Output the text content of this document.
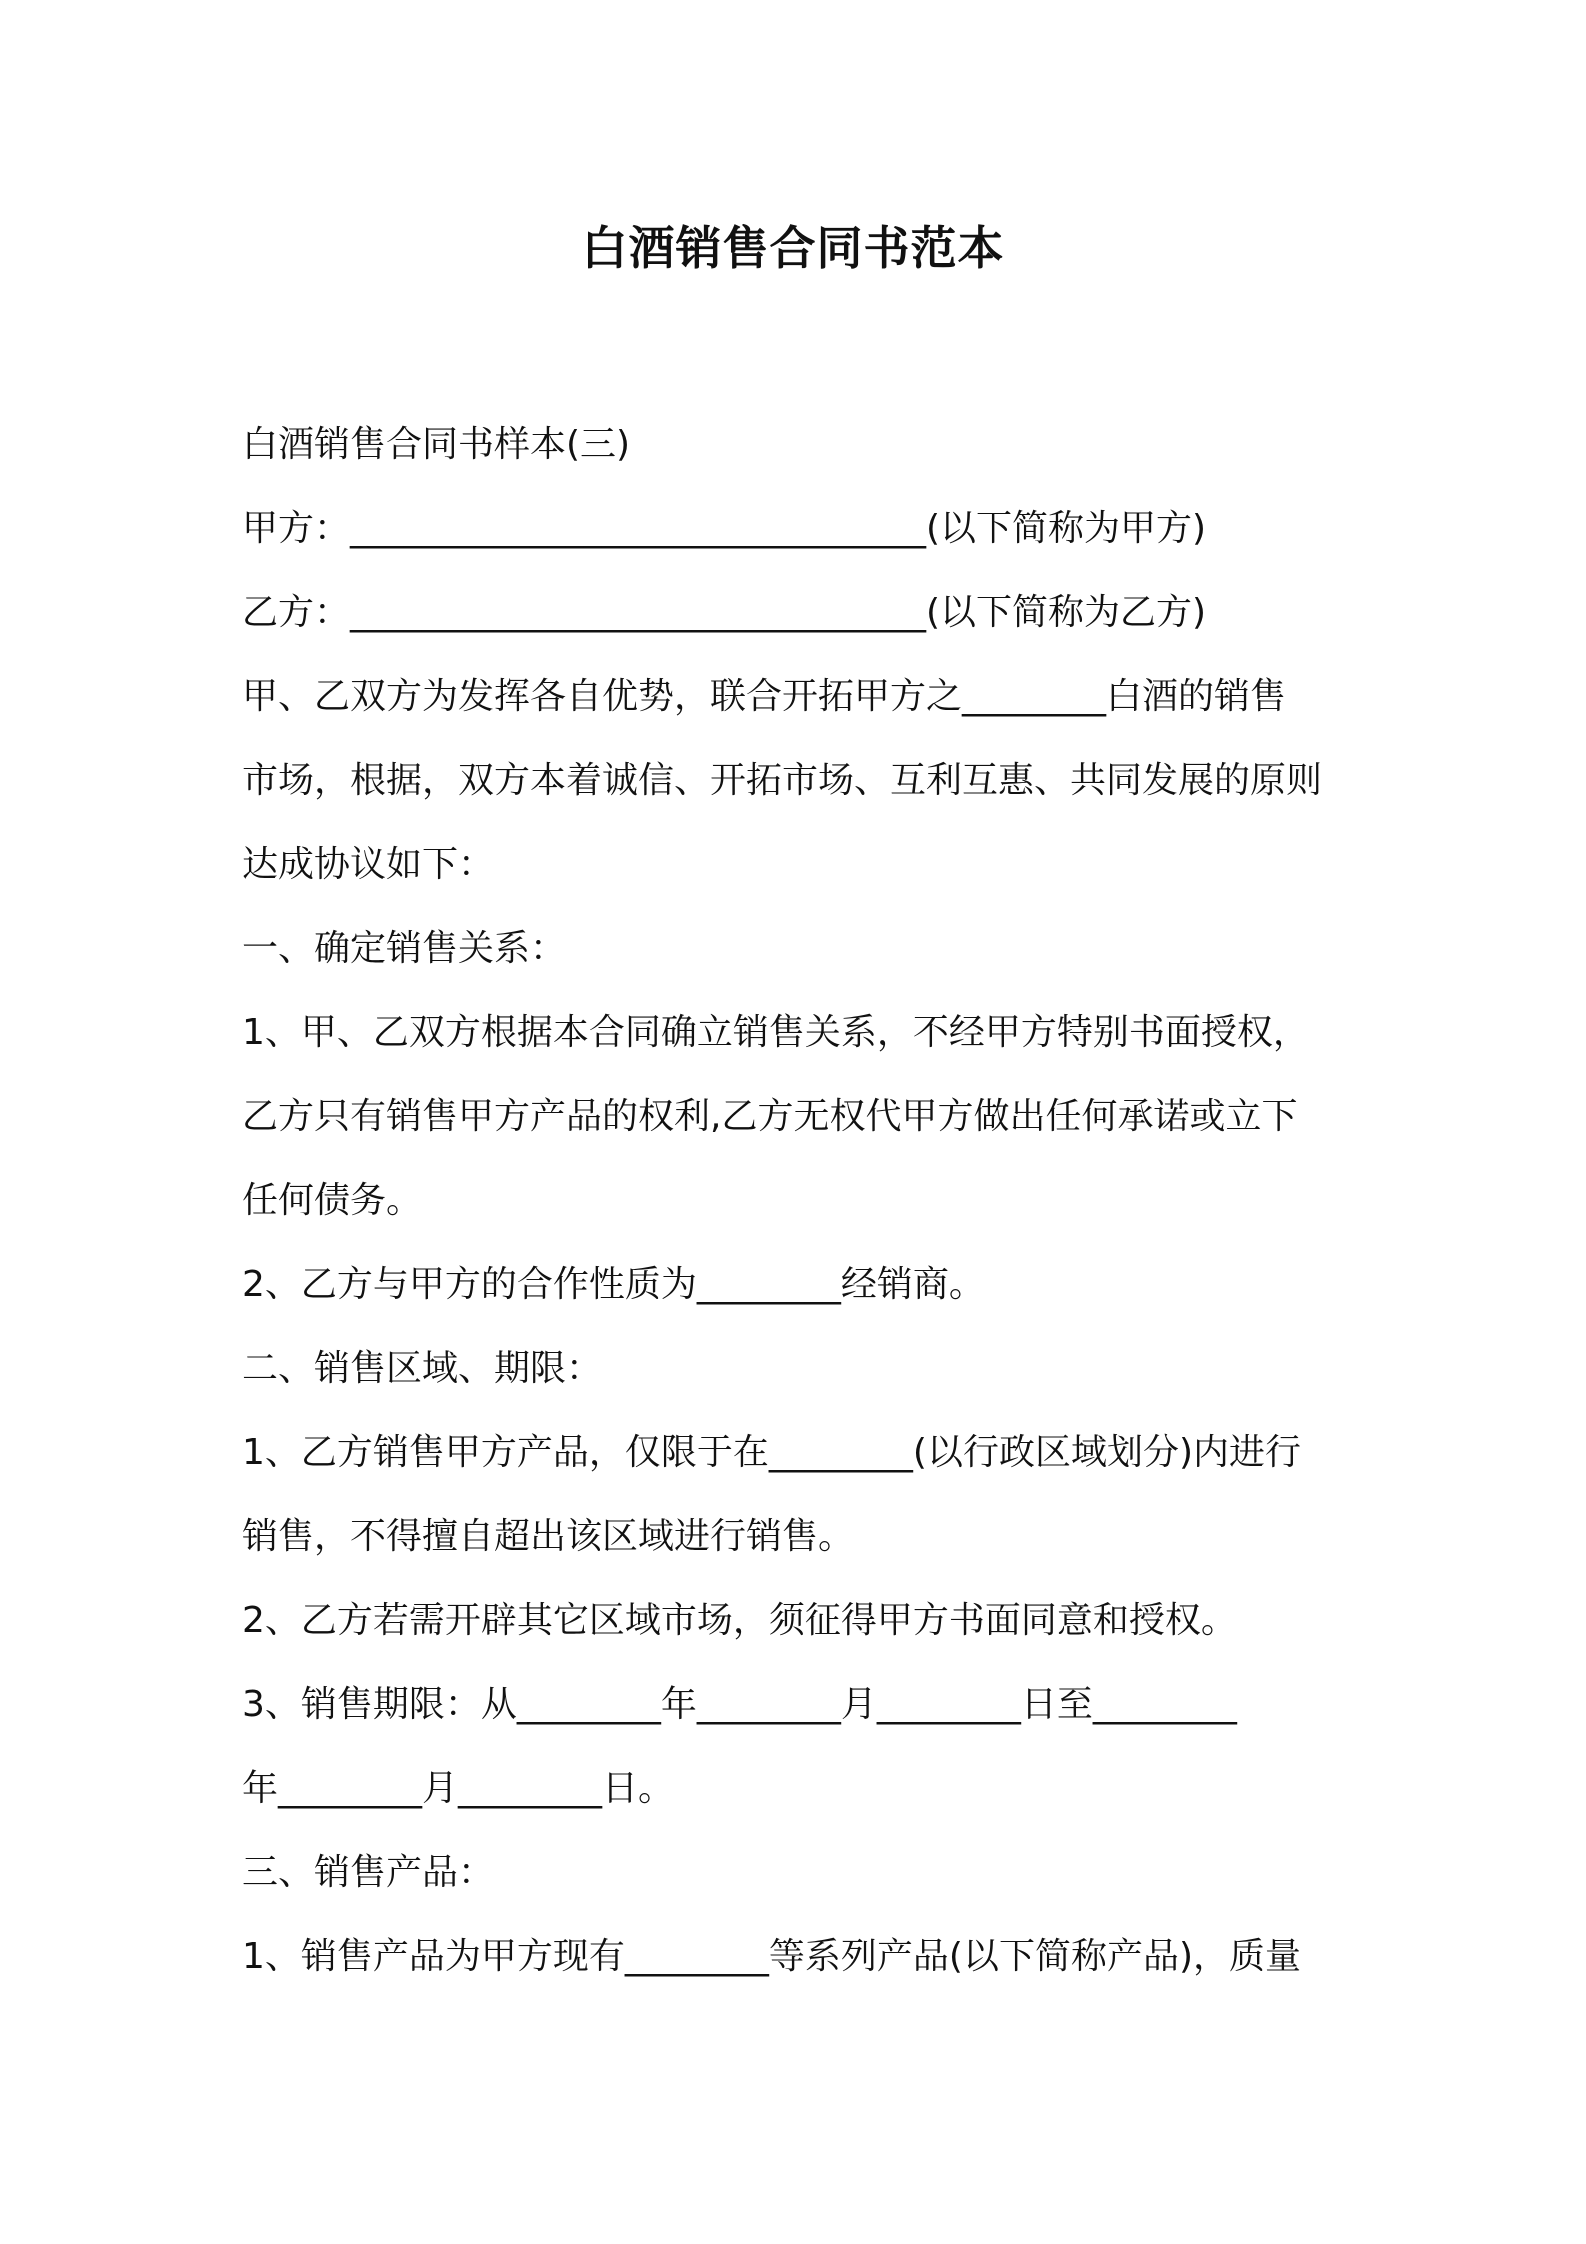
白酒销售合同书范本

白酒销售合同书样本(三)

甲方：________________________________(以下简称为甲方)

乙方：________________________________(以下简称为乙方)

甲、乙双方为发挥各自优势，联合开拓甲方之________白酒的销售

市场，根据，双方本着诚信、开拓市场、互利互惠、共同发展的原则

达成协议如下：

一、确定销售关系：

1、甲、乙双方根据本合同确立销售关系，不经甲方特别书面授权，

乙方只有销售甲方产品的权利,乙方无权代甲方做出任何承诺或立下

任何债务。

2、乙方与甲方的合作性质为________经销商。

二、销售区域、期限：

1、乙方销售甲方产品，仅限于在________(以行政区域划分)内进行

销售，不得擅自超出该区域进行销售。

2、乙方若需开辟其它区域市场，须征得甲方书面同意和授权。

3、销售期限：从________年________月________日至________

年________月________日。

三、销售产品：

1、销售产品为甲方现有________等系列产品(以下简称产品)，质量
